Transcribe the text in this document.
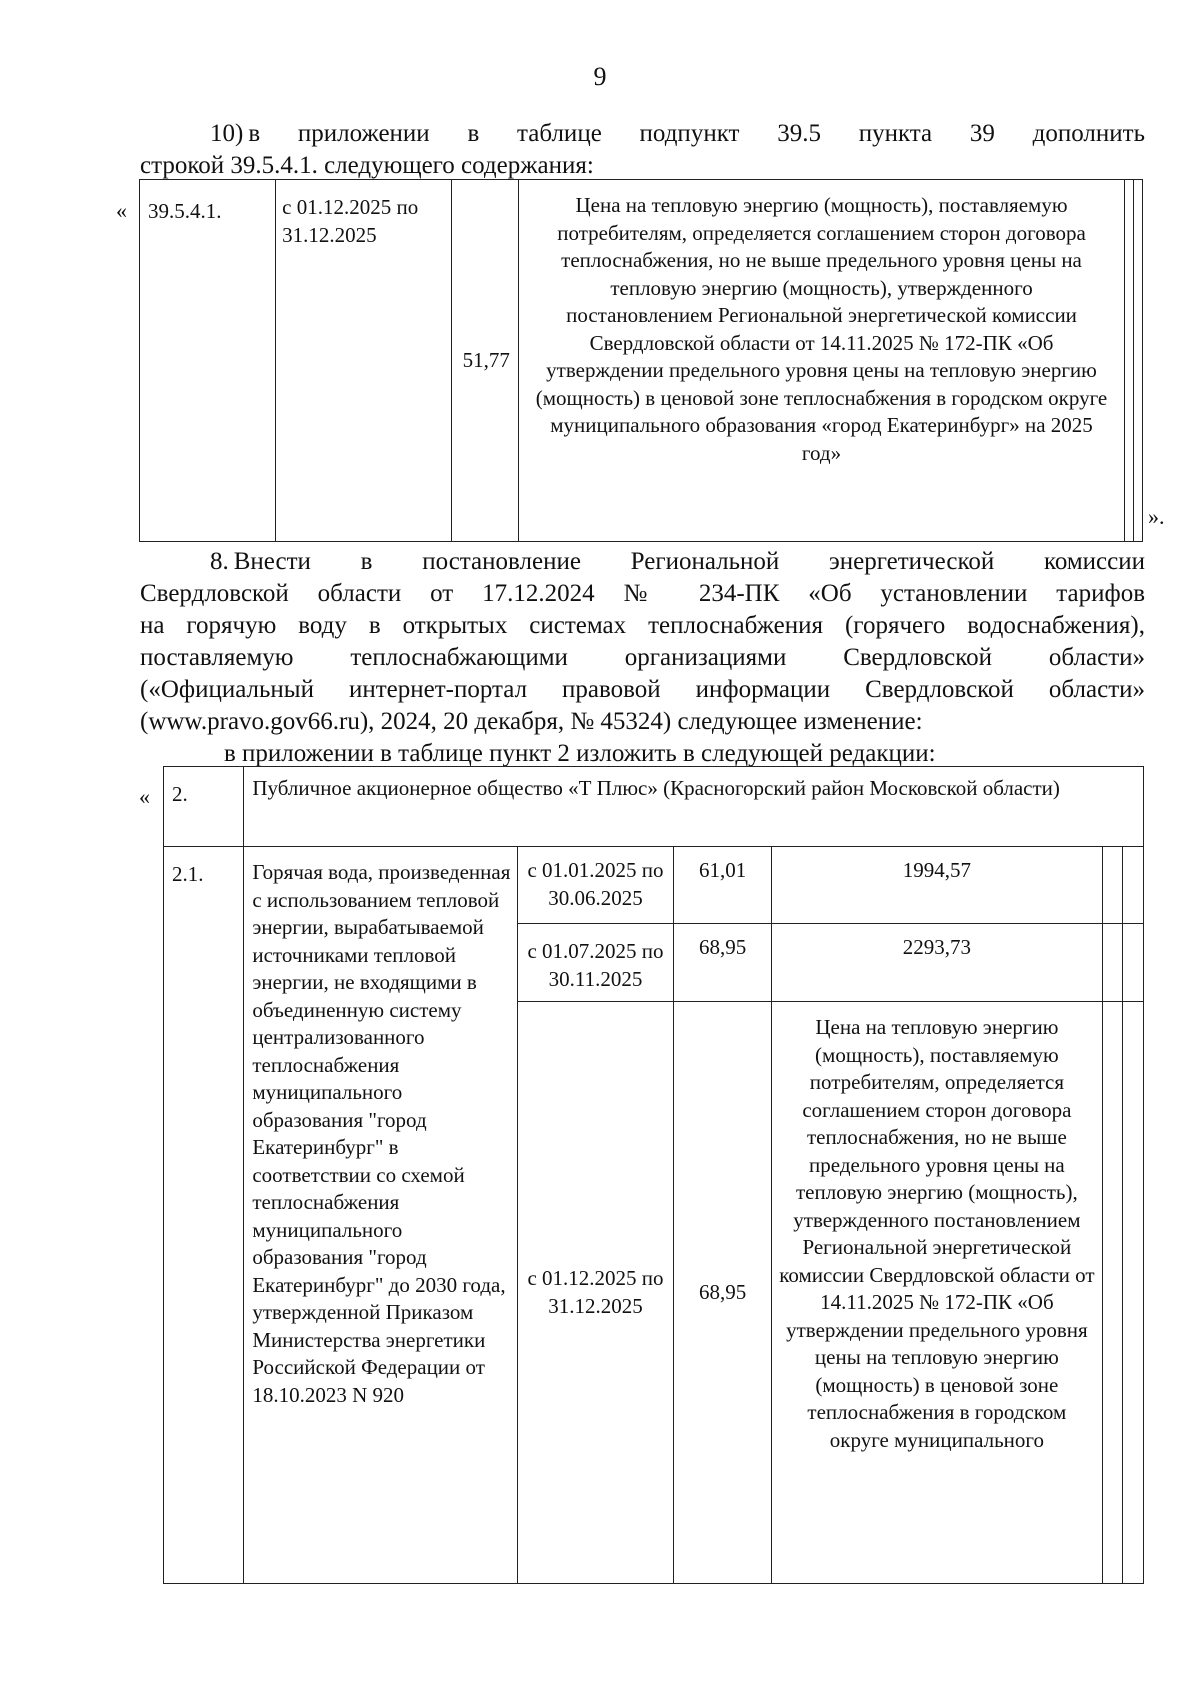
9
10) в приложении в таблице подпункт 39.5 пункта 39 дополнить
строкой 39.5.4.1. следующего содержания:
« 39.5.4.1.	с 01.12.2025 по 31.12.2025	51,77	Цена на тепловую энергию (мощность), поставляемую потребителям, определяется соглашением сторон договора теплоснабжения, но не выше предельного уровня цены на тепловую энергию (мощность), утвержденного постановлением Региональной энергетической комиссии Свердловской области от 14.11.2025 № 172-ПК «Об утверждении предельного уровня цены на тепловую энергию (мощность) в ценовой зоне теплоснабжения в городском округе муниципального образования «город Екатеринбург» на 2025 год»		
».
8. Внести в постановление Региональной энергетической комиссии
Свердловской области от 17.12.2024 № 234-ПК «Об установлении тарифов
на горячую воду в открытых системах теплоснабжения (горячего водоснабжения),
поставляемую теплоснабжающими организациями Свердловской области»
(«Официальный интернет-портал правовой информации Свердловской области»
(www.pravo.gov66.ru), 2024, 20 декабря, № 45324) следующее изменение:
в приложении в таблице пункт 2 изложить в следующей редакции:
« 2.	Публичное акционерное общество «Т Плюс» (Красногорский район Московской области)					
2.1.	Горячая вода, произведенная с использованием тепловой энергии, вырабатываемой источниками тепловой энергии, не входящими в объединенную систему централизованного теплоснабжения муниципального образования "город Екатеринбург" в соответствии со схемой теплоснабжения муниципального образования "город Екатеринбург" до 2030 года, утвержденной Приказом Министерства энергетики Российской Федерации от 18.10.2023 N 920	с 01.01.2025 по 30.06.2025	61,01	1994,57		
		с 01.07.2025 по 30.11.2025	68,95	2293,73		
		с 01.12.2025 по 31.12.2025	68,95	Цена на тепловую энергию (мощность), поставляемую потребителям, определяется соглашением сторон договора теплоснабжения, но не выше предельного уровня цены на тепловую энергию (мощность), утвержденного постановлением Региональной энергетической комиссии Свердловской области от 14.11.2025 № 172-ПК «Об утверждении предельного уровня цены на тепловую энергию (мощность) в ценовой зоне теплоснабжения в городском округе муниципального		
